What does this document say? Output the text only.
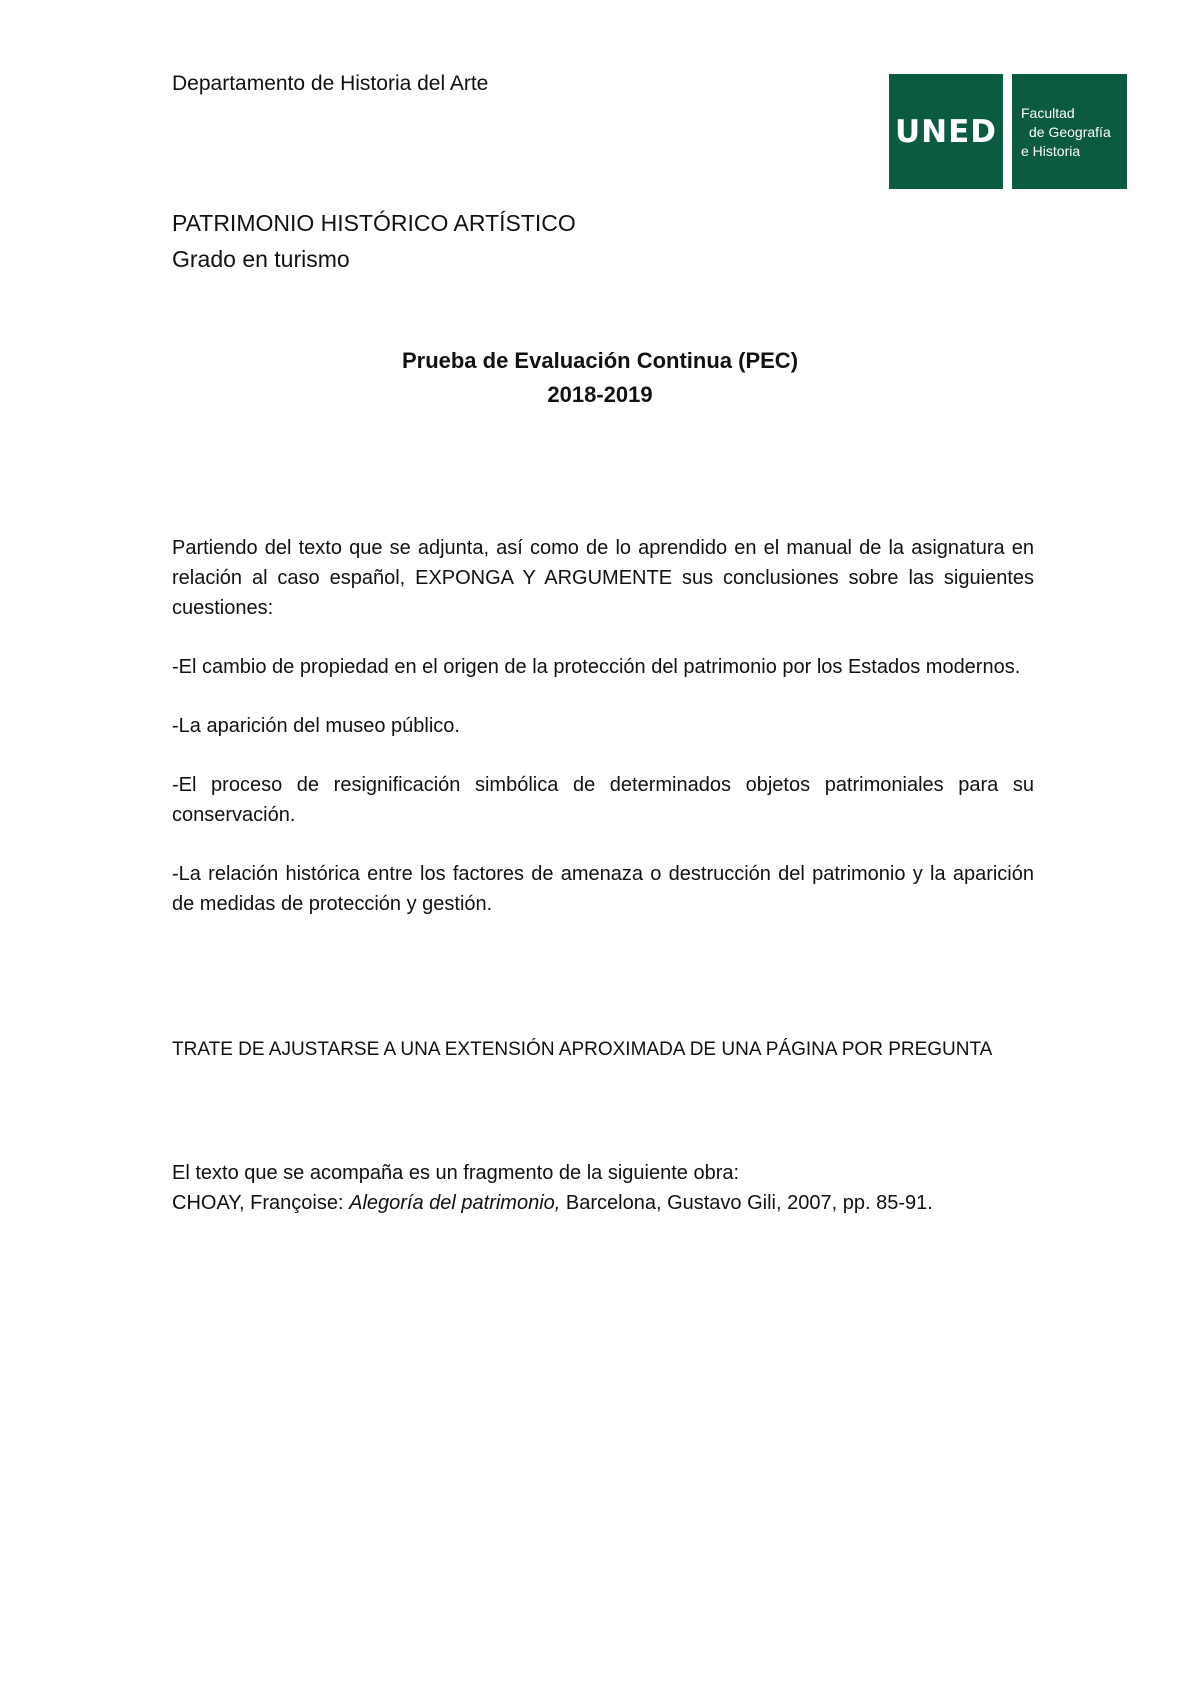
Departamento de Historia del Arte
UNED
Facultad
de Geografía
e Historia
PATRIMONIO HISTÓRICO ARTÍSTICO
Grado en turismo
Prueba de Evaluación Continua (PEC)
2018-2019

Partiendo del texto que se adjunta, así como de lo aprendido en el manual de la asignatura en relación al caso español, EXPONGA Y ARGUMENTE sus conclusiones sobre las siguientes cuestiones:

-El cambio de propiedad en el origen de la protección del patrimonio por los Estados modernos.

-La aparición del museo público.

-El proceso de resignificación simbólica de determinados objetos patrimoniales para su conservación.

-La relación histórica entre los factores de amenaza o destrucción del patrimonio y la aparición de medidas de protección y gestión.

TRATE DE AJUSTARSE A UNA EXTENSIÓN APROXIMADA DE UNA PÁGINA POR PREGUNTA
El texto que se acompaña es un fragmento de la siguiente obra:
CHOAY, Françoise: Alegoría del patrimonio, Barcelona, Gustavo Gili, 2007, pp. 85-91.
